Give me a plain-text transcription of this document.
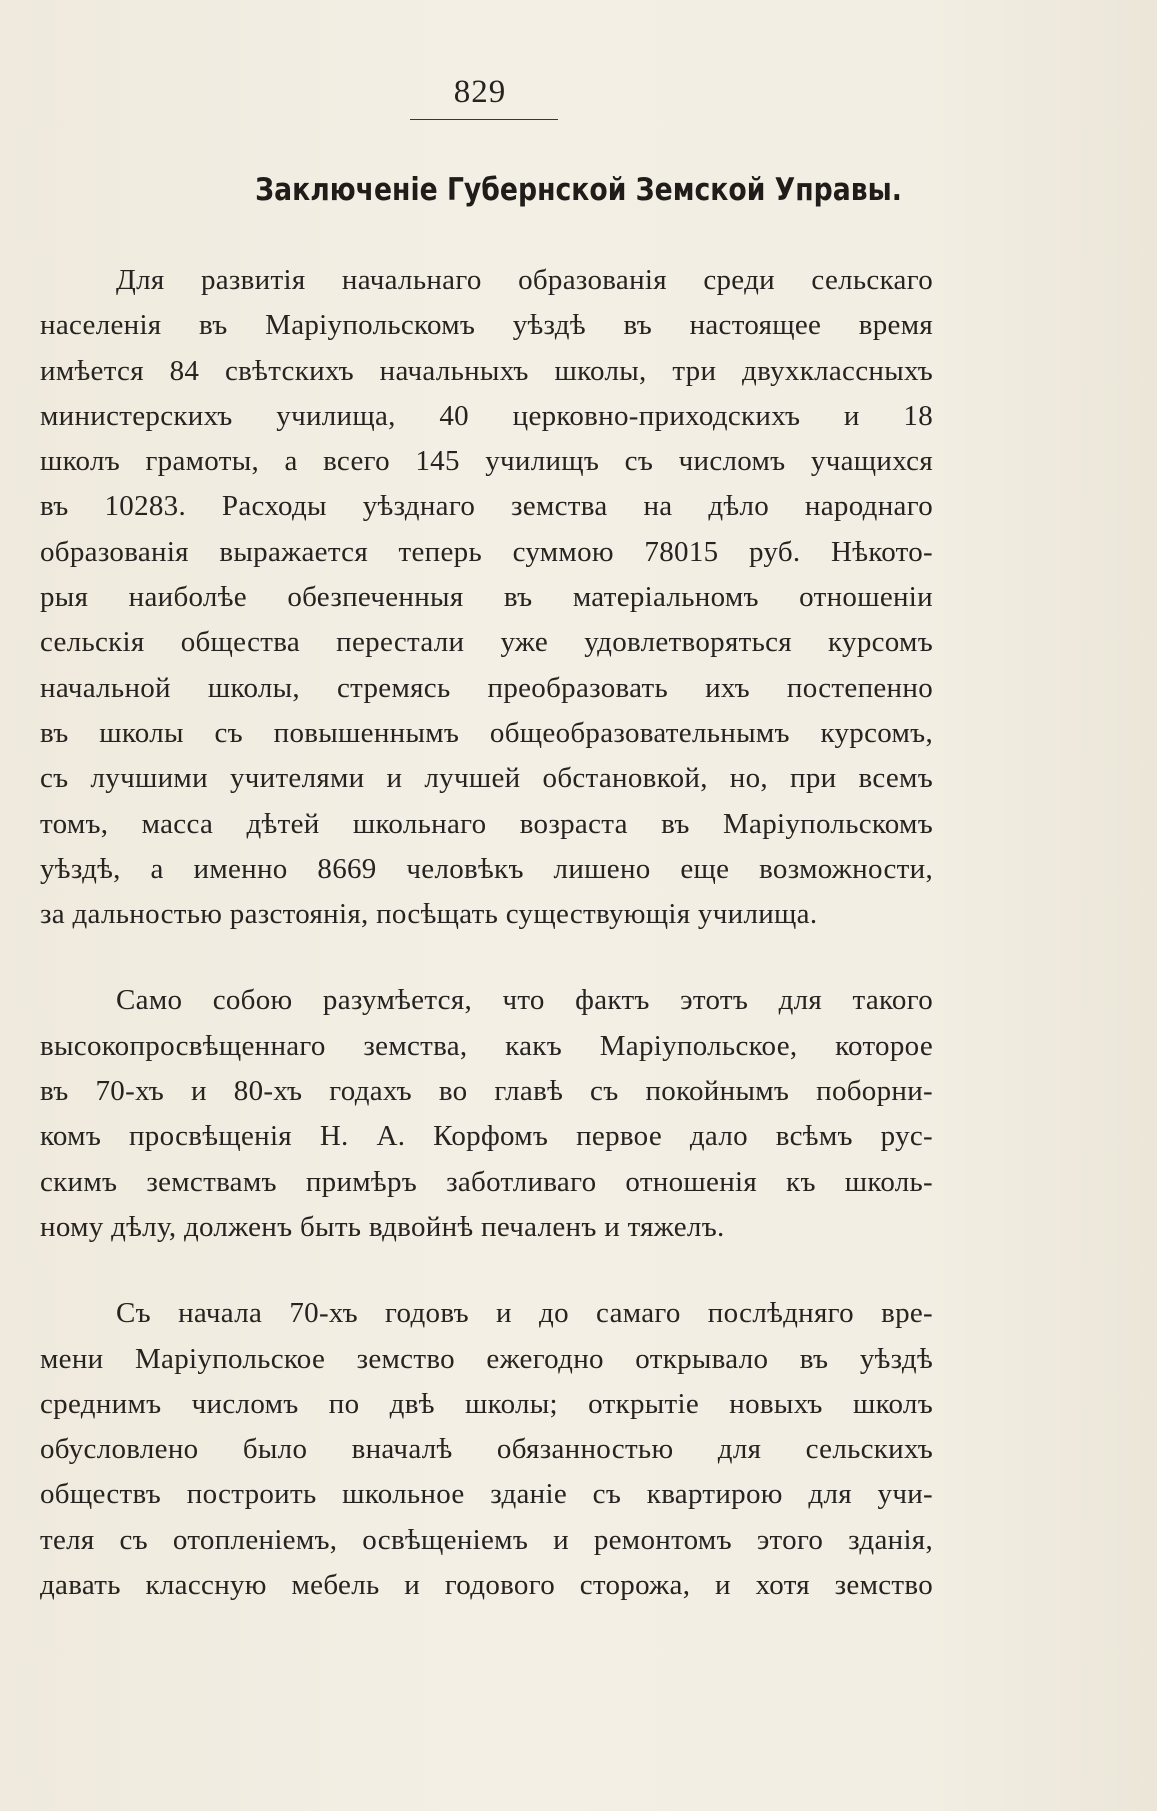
829
Заключеніе Губернской Земской Управы.

Для развитія начальнаго образованія среди сельскаго
населенія въ Маріупольскомъ уѣздѣ въ настоящее время
имѣется 84 свѣтскихъ начальныхъ школы, три двухклассныхъ
министерскихъ училища, 40 церковно-приходскихъ и 18
школъ грамоты, а всего 145 училищъ съ числомъ учащихся
въ 10283. Расходы уѣзднаго земства на дѣло народнаго
образованія выражается теперь суммою 78015 руб. Нѣкото-
рыя наиболѣе обезпеченныя въ матеріальномъ отношеніи
сельскія общества перестали уже удовлетворяться курсомъ
начальной школы, стремясь преобразовать ихъ постепенно
въ школы съ повышеннымъ общеобразовательнымъ курсомъ,
съ лучшими учителями и лучшей обстановкой, но, при всемъ
томъ, масса дѣтей школьнаго возраста въ Маріупольскомъ
уѣздѣ, а именно 8669 человѣкъ лишено еще возможности,
за дальностью разстоянія, посѣщать существующія училища.

Само собою разумѣется, что фактъ этотъ для такого
высокопросвѣщеннаго земства, какъ Маріупольское, которое
въ 70-хъ и 80-хъ годахъ во главѣ съ покойнымъ поборни-
комъ просвѣщенія Н. А. Корфомъ первое дало всѣмъ рус-
скимъ земствамъ примѣръ заботливаго отношенія къ школь-
ному дѣлу, долженъ быть вдвойнѣ печаленъ и тяжелъ.

Съ начала 70-хъ годовъ и до самаго послѣдняго вре-
мени Маріупольское земство ежегодно открывало въ уѣздѣ
среднимъ числомъ по двѣ школы; открытіе новыхъ школъ
обусловлено было вначалѣ обязанностью для сельскихъ
обществъ построить школьное зданіе съ квартирою для учи-
теля съ отопленіемъ, освѣщеніемъ и ремонтомъ этого зданія,
давать классную мебель и годового сторожа, и хотя земство
